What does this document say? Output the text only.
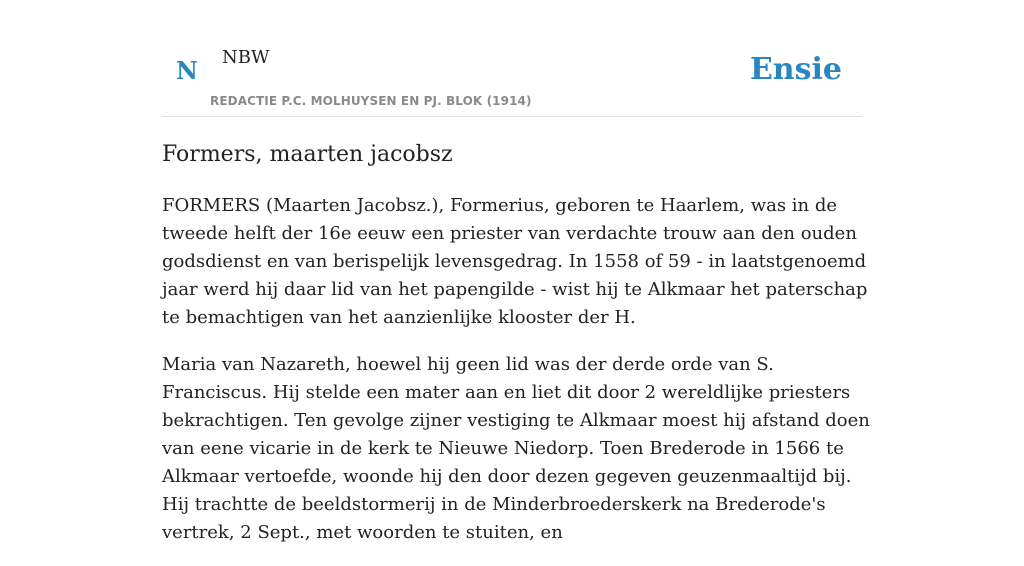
N NBW
REDACTIE P.C. MOLHUYSEN EN PJ. BLOK (1914)
Ensie
Formers, maarten jacobsz

FORMERS (Maarten Jacobsz.), Formerius, geboren te Haarlem, was in de tweede helft der 16e eeuw een priester van verdachte trouw aan den ouden godsdienst en van berispelijk levensgedrag. In 1558 of 59 - in laatstgenoemd jaar werd hij daar lid van het papengilde - wist hij te Alkmaar het paterschap te bemachtigen van het aanzienlijke klooster der H.

Maria van Nazareth, hoewel hij geen lid was der derde orde van S. Franciscus. Hij stelde een mater aan en liet dit door 2 wereldlijke priesters bekrachtigen. Ten gevolge zijner vestiging te Alkmaar moest hij afstand doen van eene vicarie in de kerk te Nieuwe Niedorp. Toen Brederode in 1566 te Alkmaar vertoefde, woonde hij den door dezen gegeven geuzenmaaltijd bij. Hij trachtte de beeldstormerij in de Minderbroederskerk na Brederode's vertrek, 2 Sept., met woorden te stuiten, en
